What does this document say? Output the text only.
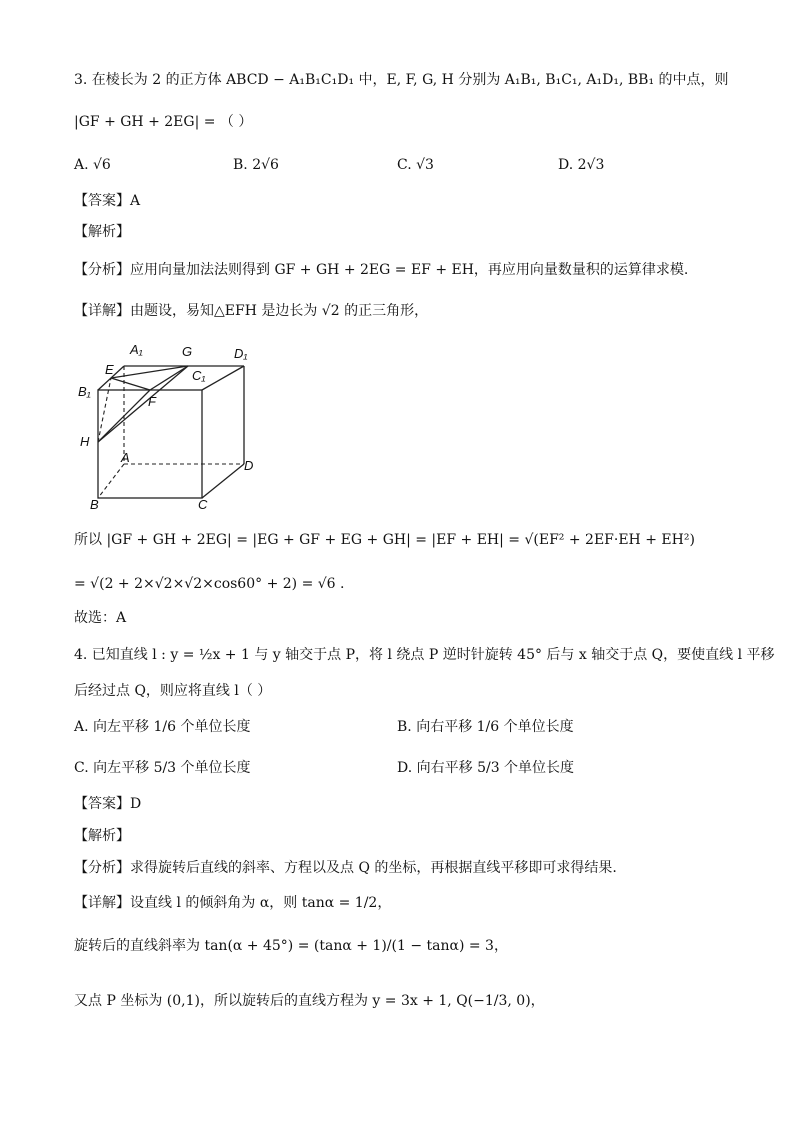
3. 在棱长为 2 的正方体 ABCD − A₁B₁C₁D₁ 中，E, F, G, H 分别为 A₁B₁, B₁C₁, A₁D₁, BB₁ 的中点，则
|GF + GH + 2EG| = （ ）
A. √6	B. 2√6	C. √3	D. 2√3
【答案】A
【解析】
【分析】应用向量加法法则得到 GF + GH + 2EG = EF + EH，再应用向量数量积的运算律求模.
【详解】由题设，易知△EFH 是边长为 √2 的正三角形，
A₁	G	D₁
E	C₁
B₁
F
H
A
D
B	C
所以 |GF + GH + 2EG| = |EG + GF + EG + GH| = |EF + EH| = √(EF² + 2EF·EH + EH²)
= √(2 + 2×√2×√2×cos60° + 2) = √6 .
故选：A
4. 已知直线 l : y = ½x + 1 与 y 轴交于点 P，将 l 绕点 P 逆时针旋转 45° 后与 x 轴交于点 Q，要使直线 l 平移
后经过点 Q，则应将直线 l（ ）
A. 向左平移 1/6 个单位长度	B. 向右平移 1/6 个单位长度
C. 向左平移 5/3 个单位长度	D. 向右平移 5/3 个单位长度
【答案】D
【解析】
【分析】求得旋转后直线的斜率、方程以及点 Q 的坐标，再根据直线平移即可求得结果.
【详解】设直线 l 的倾斜角为 α，则 tanα = 1/2，
旋转后的直线斜率为 tan(α + 45°) = (tanα + 1)/(1 − tanα) = 3，
又点 P 坐标为 (0,1)，所以旋转后的直线方程为 y = 3x + 1, Q(−1/3, 0)，
